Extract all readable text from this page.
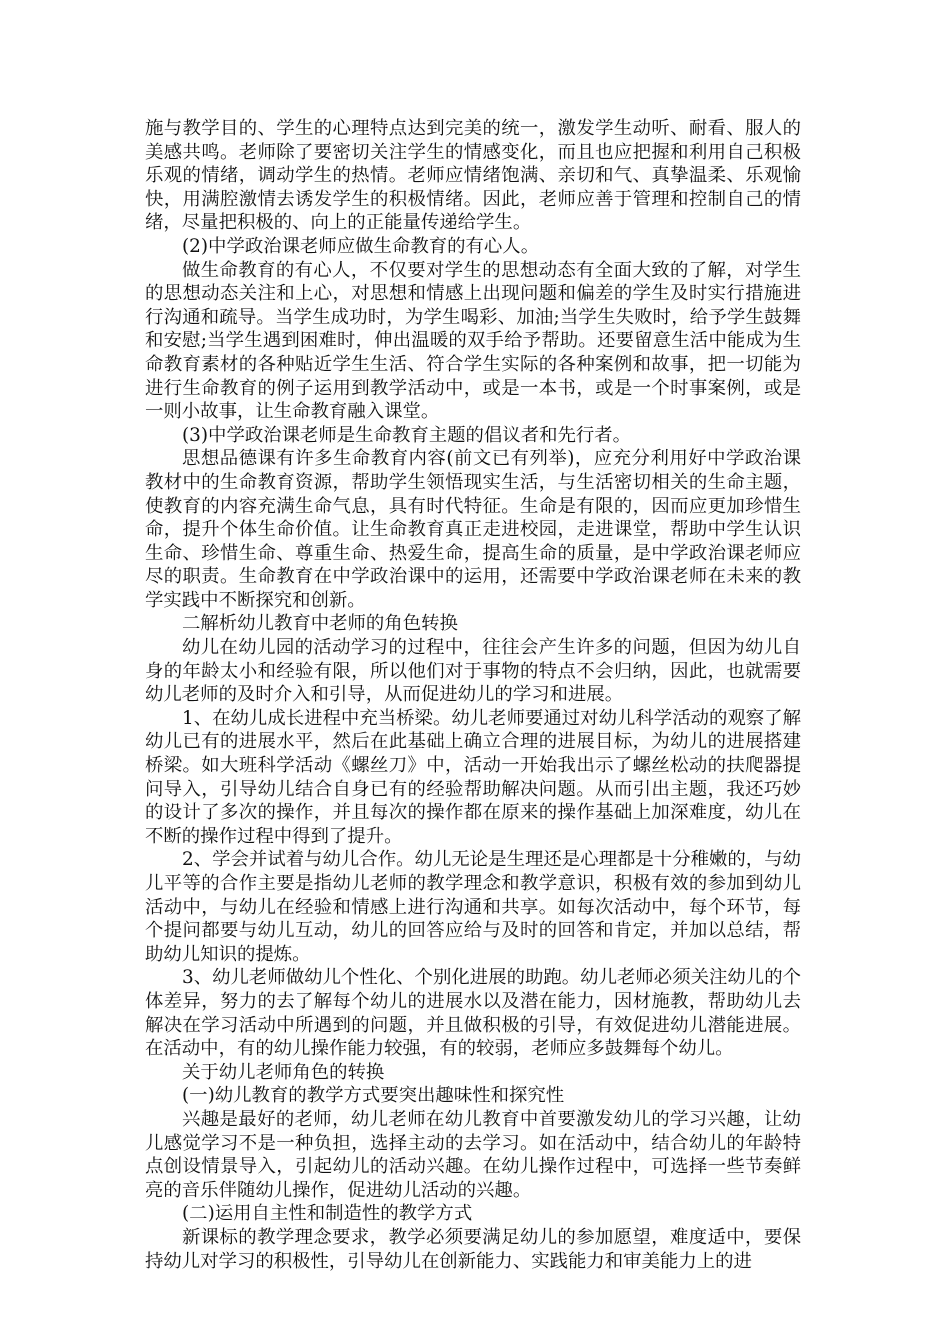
施与教学目的、学生的心理特点达到完美的统一，激发学生动听、耐看、服人的美感共鸣。老师除了要密切关注学生的情感变化，而且也应把握和利用自己积极乐观的情绪，调动学生的热情。老师应情绪饱满、亲切和气、真挚温柔、乐观愉快，用满腔激情去诱发学生的积极情绪。因此，老师应善于管理和控制自己的情绪，尽量把积极的、向上的正能量传递给学生。

(2)中学政治课老师应做生命教育的有心人。

做生命教育的有心人，不仅要对学生的思想动态有全面大致的了解，对学生的思想动态关注和上心，对思想和情感上出现问题和偏差的学生及时实行措施进行沟通和疏导。当学生成功时，为学生喝彩、加油;当学生失败时，给予学生鼓舞和安慰;当学生遇到困难时，伸出温暖的双手给予帮助。还要留意生活中能成为生命教育素材的各种贴近学生生活、符合学生实际的各种案例和故事，把一切能为进行生命教育的例子运用到教学活动中，或是一本书，或是一个时事案例，或是一则小故事，让生命教育融入课堂。

(3)中学政治课老师是生命教育主题的倡议者和先行者。

思想品德课有许多生命教育内容(前文已有列举)，应充分利用好中学政治课教材中的生命教育资源，帮助学生领悟现实生活，与生活密切相关的生命主题，使教育的内容充满生命气息，具有时代特征。生命是有限的，因而应更加珍惜生命，提升个体生命价值。让生命教育真正走进校园，走进课堂，帮助中学生认识生命、珍惜生命、尊重生命、热爱生命，提高生命的质量，是中学政治课老师应尽的职责。生命教育在中学政治课中的运用，还需要中学政治课老师在未来的教学实践中不断探究和创新。

二解析幼儿教育中老师的角色转换

幼儿在幼儿园的活动学习的过程中，往往会产生许多的问题，但因为幼儿自身的年龄太小和经验有限，所以他们对于事物的特点不会归纳，因此，也就需要幼儿老师的及时介入和引导，从而促进幼儿的学习和进展。

1、在幼儿成长进程中充当桥梁。幼儿老师要通过对幼儿科学活动的观察了解幼儿已有的进展水平，然后在此基础上确立合理的进展目标，为幼儿的进展搭建桥梁。如大班科学活动《螺丝刀》中，活动一开始我出示了螺丝松动的扶爬器提问导入，引导幼儿结合自身已有的经验帮助解决问题。从而引出主题，我还巧妙的设计了多次的操作，并且每次的操作都在原来的操作基础上加深难度，幼儿在不断的操作过程中得到了提升。

2、学会并试着与幼儿合作。幼儿无论是生理还是心理都是十分稚嫩的，与幼儿平等的合作主要是指幼儿老师的教学理念和教学意识，积极有效的参加到幼儿活动中，与幼儿在经验和情感上进行沟通和共享。如每次活动中，每个环节，每个提问都要与幼儿互动，幼儿的回答应给与及时的回答和肯定，并加以总结，帮助幼儿知识的提炼。

3、幼儿老师做幼儿个性化、个别化进展的助跑。幼儿老师必须关注幼儿的个体差异，努力的去了解每个幼儿的进展水以及潜在能力，因材施教，帮助幼儿去解决在学习活动中所遇到的问题，并且做积极的引导，有效促进幼儿潜能进展。在活动中，有的幼儿操作能力较强，有的较弱，老师应多鼓舞每个幼儿。

关于幼儿老师角色的转换

(一)幼儿教育的教学方式要突出趣味性和探究性

兴趣是最好的老师，幼儿老师在幼儿教育中首要激发幼儿的学习兴趣，让幼儿感觉学习不是一种负担，选择主动的去学习。如在活动中，结合幼儿的年龄特点创设情景导入，引起幼儿的活动兴趣。在幼儿操作过程中，可选择一些节奏鲜亮的音乐伴随幼儿操作，促进幼儿活动的兴趣。

(二)运用自主性和制造性的教学方式

新课标的教学理念要求，教学必须要满足幼儿的参加愿望，难度适中，要保持幼儿对学习的积极性，引导幼儿在创新能力、实践能力和审美能力上的进
